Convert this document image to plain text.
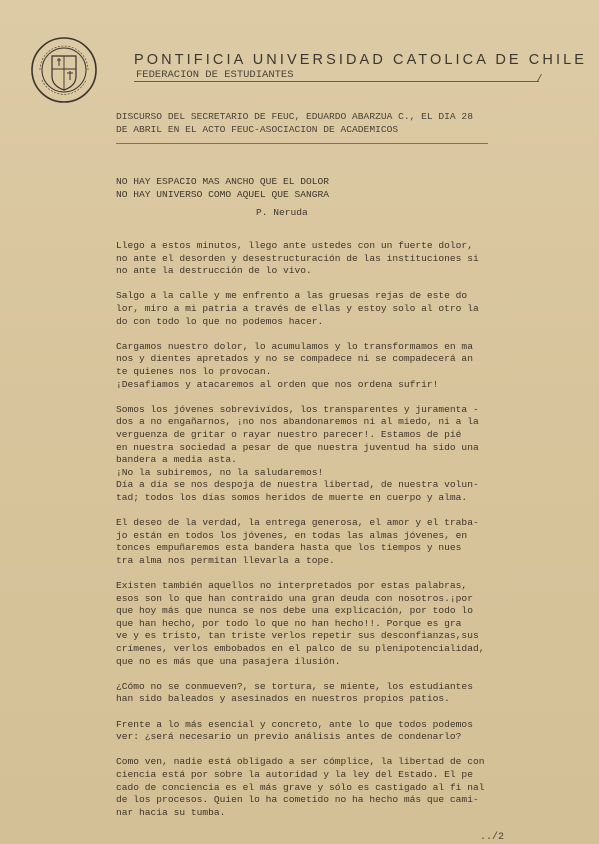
PONTIFICIA UNIVERSIDAD CATOLICA DE CHILE
FEDERACION DE ESTUDIANTES	/
DISCURSO DEL SECRETARIO DE FEUC, EDUARDO ABARZUA C., EL DIA 28
DE ABRIL EN EL ACTO FEUC-ASOCIACION DE ACADEMICOS
NO HAY ESPACIO MAS ANCHO QUE EL DOLOR
NO HAY UNIVERSO COMO AQUEL QUE SANGRA
P. Neruda
Llego a estos minutos, llego ante ustedes con un fuerte dolor,
no ante el desorden y desestructuración de las instituciones si
no ante la destrucción de lo vivo.
Salgo a la calle y me enfrento a las gruesas rejas de este do
lor, miro a mi patria a través de ellas y estoy solo al otro la
do con todo lo que no podemos hacer.
Cargamos nuestro dolor, lo acumulamos y lo transformamos en ma
nos y dientes apretados y no se compadece ni se compadecerá an
te quienes nos lo provocan.
¡Desafiamos y atacaremos al orden que nos ordena sufrir!
Somos los jóvenes sobrevivídos, los transparentes y juramenta -
dos a no engañarnos, ¡no nos abandonaremos ni al miedo, ni a la
verguenza de gritar o rayar nuestro parecer!. Estamos de pié
en nuestra sociedad a pesar de que nuestra juventud ha sido una
bandera a media asta.
¡No la subiremos, no la saludaremos!
Día a día se nos despoja de nuestra libertad, de nuestra volun-
tad; todos los días somos heridos de muerte en cuerpo y alma.
El deseo de la verdad, la entrega generosa, el amor y el traba-
jo están en todos los jóvenes, en todas las almas jóvenes, en
tonces empuñaremos esta bandera hasta que los tiempos y nues
tra alma nos permitan llevarla a tope.
Existen también aquellos no interpretados por estas palabras,
esos son lo que han contraido una gran deuda con nosotros.¡por
que hoy más que nunca se nos debe una explicación, por todo lo
que han hecho, por todo lo que no han hecho!!. Porque es gra
ve y es tristo, tan triste verlos repetir sus desconfianzas,sus
crímenes, verlos embobados en el palco de su plenipotencialidad,
que no es más que una pasajera ilusión.
¿Cómo no se conmueven?, se tortura, se miente, los estudiantes
han sido baleados y asesinados en nuestros propios patios.
Frente a lo más esencial y concreto, ante lo que todos podemos
ver: ¿será necesario un previo análisis antes de condenarlo?
Como ven, nadie está obligado a ser cómplice, la libertad de con
ciencia está por sobre la autoridad y la ley del Estado. El pe
cado de conciencia es el más grave y sólo es castigado al fi nal
de los procesos. Quien lo ha cometido no ha hecho más que cami-
nar hacia su tumba.
../2
